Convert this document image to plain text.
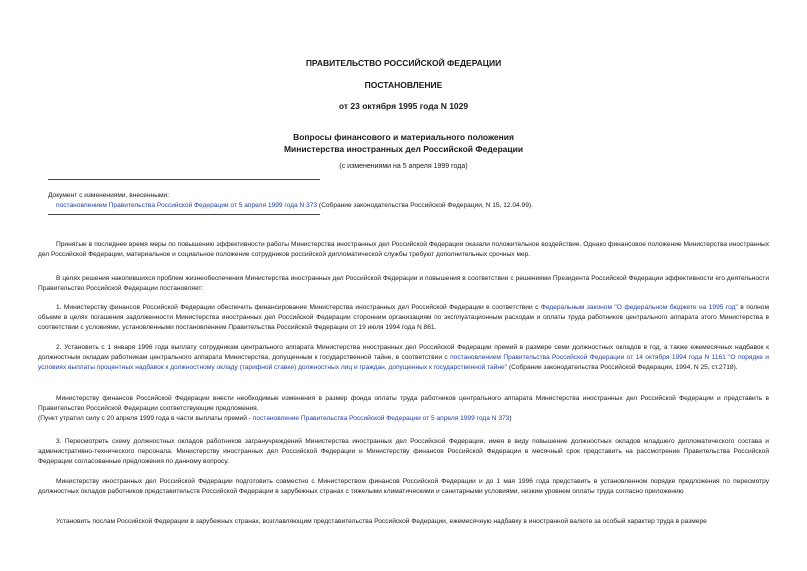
ПРАВИТЕЛЬСТВО РОССИЙСКОЙ ФЕДЕРАЦИИ
ПОСТАНОВЛЕНИЕ
от 23 октября 1995 года N 1029
Вопросы финансового и материального положения
Министерства иностранных дел Российской Федерации
(с изменениями на 5 апреля 1999 года)
Документ с изменениями, внесенными:
постановлением Правительства Российской Федерации от 5 апреля 1999 года N 373 (Собрание законодательства Российской Федерации, N 15, 12.04.99).

Принятые в последнее время меры по повышению эффективности работы Министерства иностранных дел Российской Федерации оказали положительное воздействие. Однако финансовое положение Министерства иностранных дел Российской Федерации, материальное и социальное положение сотрудников российской дипломатической службы требуют дополнительных срочных мер.

В целях решения накопившихся проблем жизнеобеспечения Министерства иностранных дел Российской Федерации и повышения в соответствии с решениями Президента Российской Федерации эффективности его деятельности Правительство Российской Федерации постановляет:

1. Министерству финансов Российской Федерации обеспечить финансирование Министерства иностранных дел Российской Федерации в соответствии с Федеральным законом "О федеральном бюджете на 1995 год" в полном объеме в целях погашения задолженности Министерства иностранных дел Российской Федерации сторонним организациям по эксплуатационным расходам и оплаты труда работников центрального аппарата этого Министерства в соответствии с условиями, установленными постановлением Правительства Российской Федерации от 19 июля 1994 года N 861.

2. Установить с 1 января 1996 года выплату сотрудникам центрального аппарата Министерства иностранных дел Российской Федерации премий в размере семи должностных окладов в год, а также ежемесячных надбавок к должностным окладам работникам центрального аппарата Министерства, допущенным к государственной тайне, в соответствии с постановлением Правительства Российской Федерации от 14 октября 1994 года N 1161 "О порядке и условиях выплаты процентных надбавок к должностному окладу (тарифной ставке) должностных лиц и граждан, допущенных к государственной тайне" (Собрание законодательства Российской Федерации, 1994, N 25, ст.2718).

Министерству финансов Российской Федерации внести необходимые изменения в размер фонда оплаты труда работников центрального аппарата Министерства иностранных дел Российской Федерации и представить в Правительство Российской Федерации соответствующие предложения.

(Пункт утратил силу с 20 апреля 1999 года в части выплаты премий - постановление Правительства Российской Федерации от 5 апреля 1999 года N 373)

3. Пересмотреть схему должностных окладов работников загранучреждений Министерства иностранных дел Российской Федерации, имея в виду повышение должностных окладов младшего дипломатического состава и административно-технического персонала. Министерству иностранных дел Российской Федерации и Министерству финансов Российской Федерации в месячный срок представить на рассмотрение Правительства Российской Федерации согласованные предложения по данному вопросу.

Министерству иностранных дел Российской Федерации подготовить совместно с Министерством финансов Российской Федерации и до 1 мая 1996 года представить в установленном порядке предложения по пересмотру должностных окладов работников представительств Российской Федерации в зарубежных странах с тяжелыми климатическими и санитарными условиями, низким уровнем оплаты труда согласно приложению

Установить послам Российской Федерации в зарубежных странах, возглавляющим представительства Российской Федерации, ежемесячную надбавку в иностранной валюте за особый характер труда в размере
